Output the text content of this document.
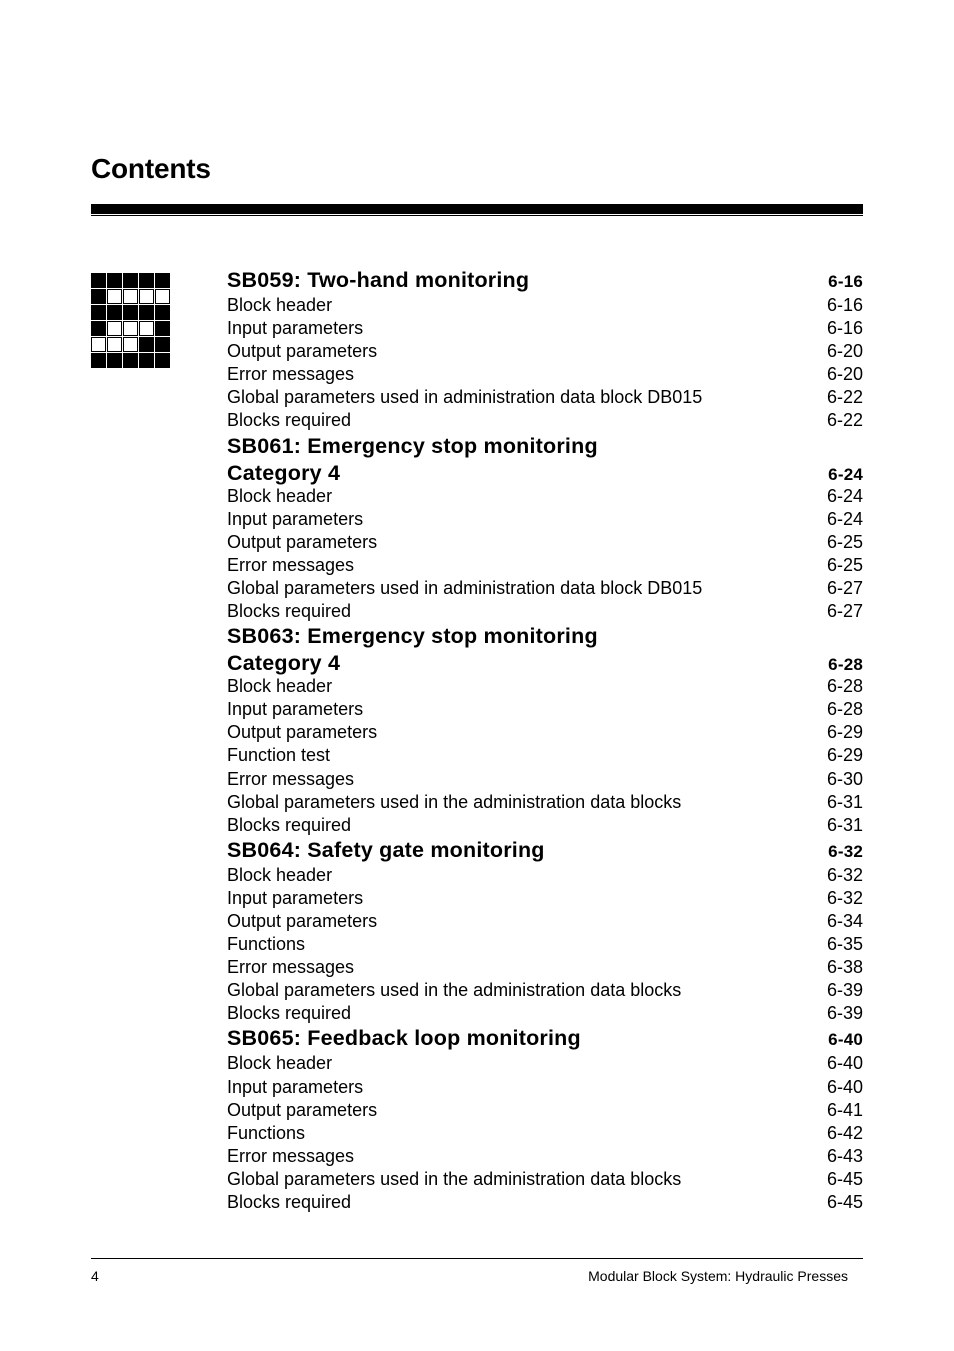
Contents
SB059: Two-hand monitoring	6-16
Block header	6-16
Input parameters	6-16
Output parameters	6-20
Error messages	6-20
Global parameters used in administration data block DB015	6-22
Blocks required	6-22
SB061: Emergency stop monitoring
Category 4	6-24
Block header	6-24
Input parameters	6-24
Output parameters	6-25
Error messages	6-25
Global parameters used in administration data block DB015	6-27
Blocks required	6-27
SB063: Emergency stop monitoring
Category 4	6-28
Block header	6-28
Input parameters	6-28
Output parameters	6-29
Function test	6-29
Error messages	6-30
Global parameters used in the administration data blocks	6-31
Blocks required	6-31
SB064: Safety gate monitoring	6-32
Block header	6-32
Input parameters	6-32
Output parameters	6-34
Functions	6-35
Error messages	6-38
Global parameters used in the administration data blocks	6-39
Blocks required	6-39
SB065: Feedback loop monitoring	6-40
Block header	6-40
Input parameters	6-40
Output parameters	6-41
Functions	6-42
Error messages	6-43
Global parameters used in the administration data blocks	6-45
Blocks required	6-45
4	Modular Block System: Hydraulic Presses
